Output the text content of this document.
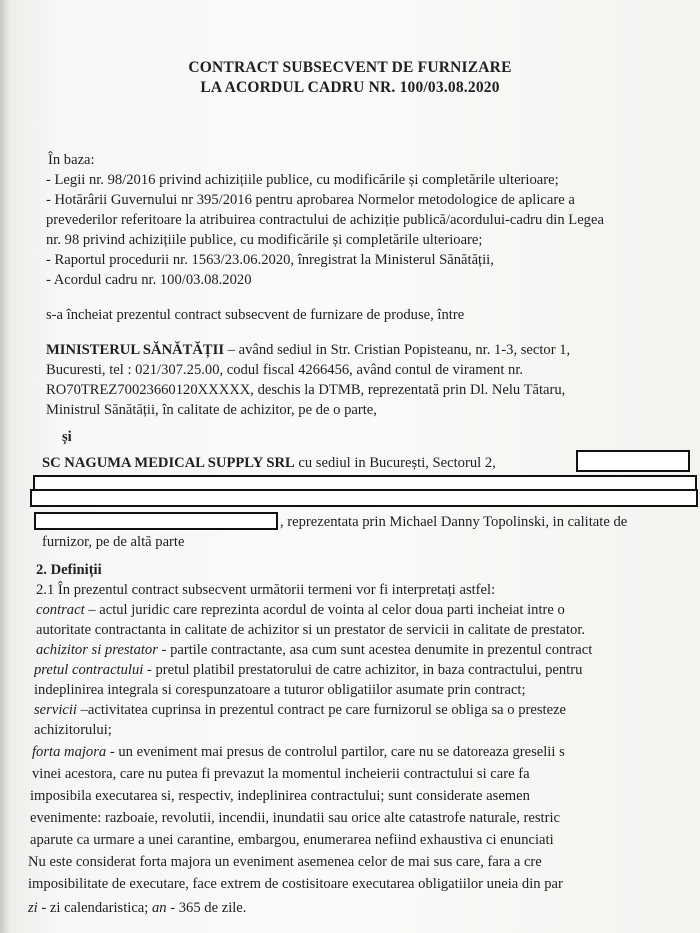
CONTRACT SUBSECVENT DE FURNIZARE
LA ACORDUL CADRU NR. 100/03.08.2020
În baza:
- Legii nr. 98/2016 privind achizițiile publice, cu modificările și completările ulterioare;
- Hotărârii Guvernului nr 395/2016 pentru aprobarea Normelor metodologice de aplicare a
prevederilor referitoare la atribuirea contractului de achiziție publică/acordului-cadru din Legea
nr. 98 privind achizițiile publice, cu modificările și completările ulterioare;
- Raportul procedurii nr. 1563/23.06.2020, înregistrat la Ministerul Sănătății,
- Acordul cadru nr. 100/03.08.2020
s-a încheiat prezentul contract subsecvent de furnizare de produse, între
MINISTERUL SĂNĂTĂȚII – având sediul in Str. Cristian Popisteanu, nr. 1-3, sector 1,
Bucuresti, tel : 021/307.25.00, codul fiscal 4266456, având contul de virament nr.
RO70TREZ70023660120XXXXX, deschis la DTMB, reprezentată prin Dl. Nelu Tătaru,
Ministrul Sănătății, în calitate de achizitor, pe de o parte,
și
SC NAGUMA MEDICAL SUPPLY SRL cu sediul in București, Sectorul 2,
, reprezentata prin Michael Danny Topolinski, in calitate de
furnizor, pe de altă parte
2. Definiții
2.1 În prezentul contract subsecvent următorii termeni vor fi interpretați astfel:
contract – actul juridic care reprezinta acordul de vointa al celor doua parti incheiat intre o
autoritate contractanta in calitate de achizitor si un prestator de servicii in calitate de prestator.
achizitor si prestator - partile contractante, asa cum sunt acestea denumite in prezentul contract
pretul contractului - pretul platibil prestatorului de catre achizitor, in baza contractului, pentru
indeplinirea integrala si corespunzatoare a tuturor obligatiilor asumate prin contract;
servicii –activitatea cuprinsa in prezentul contract pe care furnizorul se obliga sa o presteze
achizitorului;
forta majora - un eveniment mai presus de controlul partilor, care nu se datoreaza greselii s
vinei acestora, care nu putea fi prevazut la momentul incheierii contractului si care fa
imposibila executarea si, respectiv, indeplinirea contractului; sunt considerate asemen
evenimente: razboaie, revolutii, incendii, inundatii sau orice alte catastrofe naturale, restric
aparute ca urmare a unei carantine, embargou, enumerarea nefiind exhaustiva ci enunciati
Nu este considerat forta majora un eveniment asemenea celor de mai sus care, fara a cre
imposibilitate de executare, face extrem de costisitoare executarea obligatiilor uneia din par
zi - zi calendaristica; an - 365 de zile.
